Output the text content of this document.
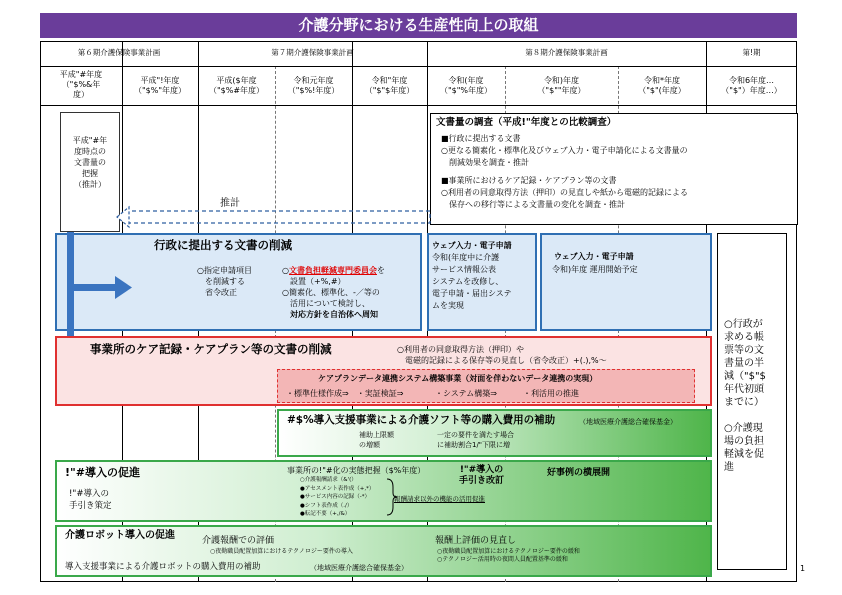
介護分野における生産性向上の取組
第６期介護保険事業計画	第７期介護保険事業計画	第８期介護保険事業計画	第!期
平成"#年度
（"$%&年
度）
平成"!年度
（"$%"年度）
平成($年度
（"$%#年度）
令和元年度
（"$%!年度）
令和"年度
（"$"$年度）
令和(年度
（"$"%年度）
令和)年度
（"$""年度）
令和*年度
（"$"(年度）
令和6年度…
（"$"）年度…）
平成"#年
度時点の
文書量の
把握
（推計）
文書量の調査（平成!"年度との比較調査）
■行政に提出する文書
○更なる簡素化・標準化及びウェブ入力・電子申請化による文書量の
　削減効果を調査・推計
■事業所におけるケア記録・ケアプラン等の文書
○利用者の同意取得方法（押印）の見直しや紙から電磁的記録による
　保存への移行等による文書量の変化を調査・推計
推計
行政に提出する文書の削減
○指定申請項目
　を削減する
　省令改正
○文書負担軽減専門委員会を
　設置（+%,#）
○簡素化、標準化、-／等の
　活用について検討し、
　対応方針を自治体へ周知
ウェブ入力・電子申請
令和(年度中に介護
サービス情報公表
システムを改修し、
電子申請・届出システ
ムを実現
ウェブ入力・電子申請
令和)年度 運用開始予定
○行政が
求める帳
票等の文
書量の半
減（"$"$
年代初頭
までに）

○介護現
場の負担
軽減を促
進
事業所のケア記録・ケアプラン等の文書の削減	○利用者の同意取得方法（押印）や
　電磁的記録による保存等の見直し（省令改正）+(.),%～
ケアプランデータ連携システム構築事業（対面を伴わないデータ連携の実現）
・標準仕様作成⇒　・実証検証⇒	・システム構築⇒	・利活用の推進
#$%導入支援事業による介護ソフト等の購入費用の補助	（地域医療介護総合確保基金）
補助上限額
の増額
一定の要件を満たす場合
に補助割合1/"下限に増
!"#導入の促進
!"#導入の
手引き策定
事業所の!"#化の実態把握（$%年度）
○介護報酬請求（&'(）
●アセスメント表作成（+,*）
●サービス内容の記録（-*）
●シフト表作成（./）
●転記不要（+,/&）
報酬請求以外の機能の活用促進
!"#導入の
手引き改訂
好事例の横展開
介護ロボット導入の促進	介護報酬での評価
○夜勤職員配置加算におけるテクノロジー要件の導入
報酬上評価の見直し
○夜勤職員配置加算におけるテクノロジー要件の緩和
○テクノロジー活用時の夜間人員配置基準の緩和
導入支援事業による介護ロボットの購入費用の補助	（地域医療介護総合確保基金）	1
